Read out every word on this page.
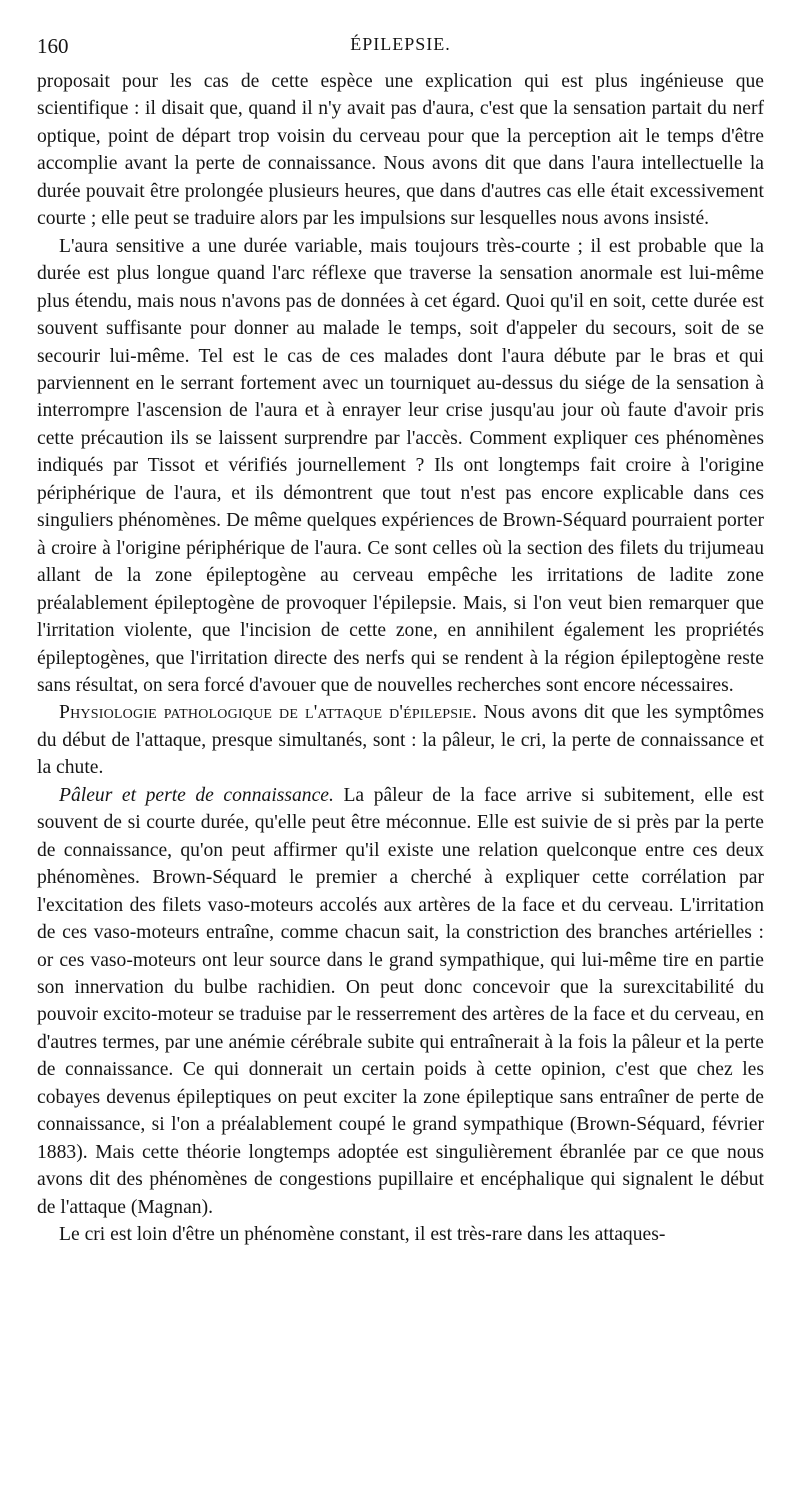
160	ÉPILEPSIE.

proposait pour les cas de cette espèce une explication qui est plus ingénieuse que scientifique : il disait que, quand il n'y avait pas d'aura, c'est que la sensation partait du nerf optique, point de départ trop voisin du cerveau pour que la perception ait le temps d'être accomplie avant la perte de connaissance. Nous avons dit que dans l'aura intellectuelle la durée pouvait être prolongée plusieurs heures, que dans d'autres cas elle était excessivement courte ; elle peut se traduire alors par les impulsions sur lesquelles nous avons insisté.

L'aura sensitive a une durée variable, mais toujours très-courte ; il est probable que la durée est plus longue quand l'arc réflexe que traverse la sensation anormale est lui-même plus étendu, mais nous n'avons pas de données à cet égard. Quoi qu'il en soit, cette durée est souvent suffisante pour donner au malade le temps, soit d'appeler du secours, soit de se secourir lui-même. Tel est le cas de ces malades dont l'aura débute par le bras et qui parviennent en le serrant fortement avec un tourniquet au-dessus du siége de la sensation à interrompre l'ascension de l'aura et à enrayer leur crise jusqu'au jour où faute d'avoir pris cette précaution ils se laissent surprendre par l'accès. Comment expliquer ces phénomènes indiqués par Tissot et vérifiés journellement ? Ils ont longtemps fait croire à l'origine périphérique de l'aura, et ils démontrent que tout n'est pas encore explicable dans ces singuliers phénomènes. De même quelques expériences de Brown-Séquard pourraient porter à croire à l'origine périphérique de l'aura. Ce sont celles où la section des filets du trijumeau allant de la zone épileptogène au cerveau empêche les irritations de ladite zone préalablement épileptogène de provoquer l'épilepsie. Mais, si l'on veut bien remarquer que l'irritation violente, que l'incision de cette zone, en annihilent également les propriétés épileptogènes, que l'irritation directe des nerfs qui se rendent à la région épileptogène reste sans résultat, on sera forcé d'avouer que de nouvelles recherches sont encore nécessaires.

Physiologie pathologique de l'attaque d'épilepsie. Nous avons dit que les symptômes du début de l'attaque, presque simultanés, sont : la pâleur, le cri, la perte de connaissance et la chute.

Pâleur et perte de connaissance. La pâleur de la face arrive si subitement, elle est souvent de si courte durée, qu'elle peut être méconnue. Elle est suivie de si près par la perte de connaissance, qu'on peut affirmer qu'il existe une relation quelconque entre ces deux phénomènes. Brown-Séquard le premier a cherché à expliquer cette corrélation par l'excitation des filets vaso-moteurs accolés aux artères de la face et du cerveau. L'irritation de ces vaso-moteurs entraîne, comme chacun sait, la constriction des branches artérielles : or ces vaso-moteurs ont leur source dans le grand sympathique, qui lui-même tire en partie son innervation du bulbe rachidien. On peut donc concevoir que la surexcitabilité du pouvoir excito-moteur se traduise par le resserrement des artères de la face et du cerveau, en d'autres termes, par une anémie cérébrale subite qui entraînerait à la fois la pâleur et la perte de connaissance. Ce qui donnerait un certain poids à cette opinion, c'est que chez les cobayes devenus épileptiques on peut exciter la zone épileptique sans entraîner de perte de connaissance, si l'on a préalablement coupé le grand sympathique (Brown-Séquard, février 1883). Mais cette théorie longtemps adoptée est singulièrement ébranlée par ce que nous avons dit des phénomènes de congestions pupillaire et encéphalique qui signalent le début de l'attaque (Magnan).

Le cri est loin d'être un phénomène constant, il est très-rare dans les attaques-
